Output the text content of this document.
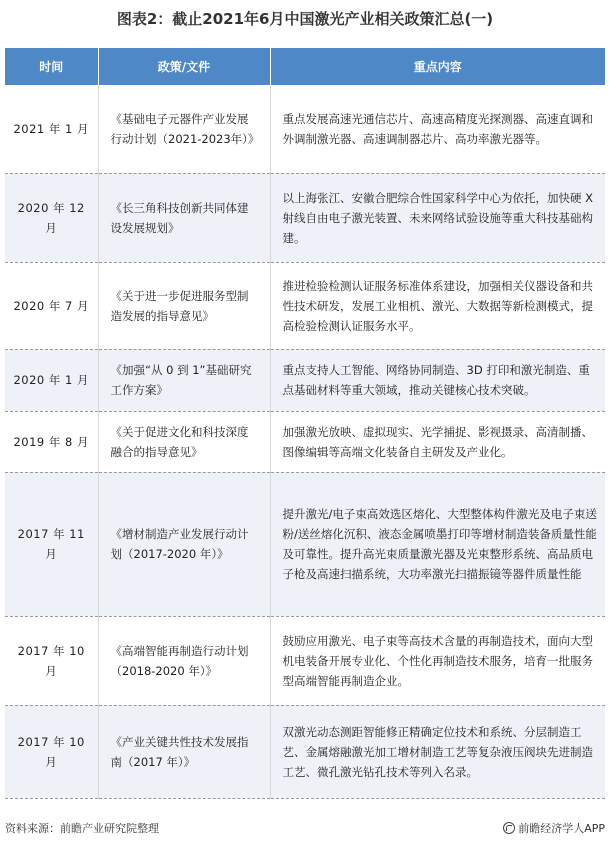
图表2：截止2021年6月中国激光产业相关政策汇总(一)
时间	政策/文件	重点内容
2021 年 1 月	《基础电子元器件产业发展行动计划（2021-2023年）》	重点发展高速光通信芯片、高速高精度光探测器、高速直调和外调制激光器、高速调制器芯片、高功率激光器等。
2020 年 12 月	《长三角科技创新共同体建设发展规划》	以上海张江、安徽合肥综合性国家科学中心为依托，加快硬 X 射线自由电子激光装置、未来网络试验设施等重大科技基础构建。
2020 年 7 月	《关于进一步促进服务型制造发展的指导意见》	推进检验检测认证服务标准体系建设，加强相关仪器设备和共性技术研发，发展工业相机、激光、大数据等新检测模式，提高检验检测认证服务水平。
2020 年 1 月	《加强“从 0 到 1”基础研究工作方案》	重点支持人工智能、网络协同制造、3D 打印和激光制造、重点基础材料等重大领域，推动关键核心技术突破。
2019 年 8 月	《关于促进文化和科技深度融合的指导意见》	加强激光放映、虚拟现实、光学捕捉、影视摄录、高清制播、图像编辑等高端文化装备自主研发及产业化。
2017 年 11 月	《增材制造产业发展行动计划（2017-2020 年）》	提升激光/电子束高效选区熔化、大型整体构件激光及电子束送粉/送丝熔化沉积、液态金属喷墨打印等增材制造装备质量性能及可靠性。提升高光束质量激光器及光束整形系统、高品质电子枪及高速扫描系统，大功率激光扫描振镜等器件质量性能
2017 年 10 月	《高端智能再制造行动计划（2018-2020 年）》	鼓励应用激光、电子束等高技术含量的再制造技术，面向大型机电装备开展专业化、个性化再制造技术服务，培育一批服务型高端智能再制造企业。
2017 年 10 月	《产业关键共性技术发展指南（2017 年）》	双激光动态测距智能修正精确定位技术和系统、分层制造工艺、金属熔融激光加工增材制造工艺等复杂液压阀块先进制造工艺、微孔激光钻孔技术等列入名录。
资料来源：前瞻产业研究院整理	前瞻经济学人APP
